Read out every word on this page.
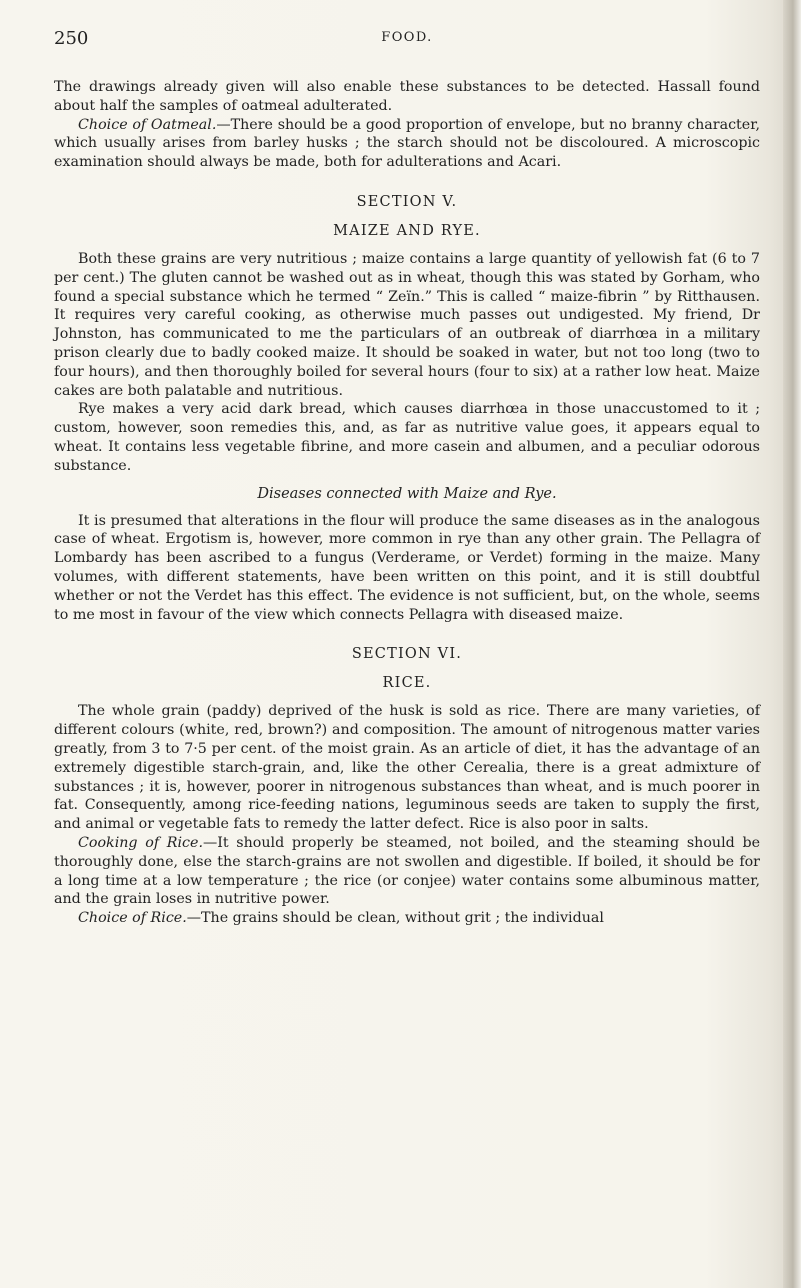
250	FOOD.

The drawings already given will also enable these substances to be detected. Hassall found about half the samples of oatmeal adulterated.

Choice of Oatmeal.—There should be a good proportion of envelope, but no branny character, which usually arises from barley husks ; the starch should not be discoloured. A microscopic examination should always be made, both for adulterations and Acari.

SECTION V.
MAIZE AND RYE.

Both these grains are very nutritious ; maize contains a large quantity of yellowish fat (6 to 7 per cent.) The gluten cannot be washed out as in wheat, though this was stated by Gorham, who found a special substance which he termed “ Zeïn.” This is called “ maize-fibrin ” by Ritthausen. It requires very careful cooking, as otherwise much passes out undigested. My friend, Dr Johnston, has communicated to me the particulars of an outbreak of diarrhœa in a military prison clearly due to badly cooked maize. It should be soaked in water, but not too long (two to four hours), and then thoroughly boiled for several hours (four to six) at a rather low heat. Maize cakes are both palatable and nutritious.

Rye makes a very acid dark bread, which causes diarrhœa in those unaccustomed to it ; custom, however, soon remedies this, and, as far as nutritive value goes, it appears equal to wheat. It contains less vegetable fibrine, and more casein and albumen, and a peculiar odorous substance.

Diseases connected with Maize and Rye.

It is presumed that alterations in the flour will produce the same diseases as in the analogous case of wheat. Ergotism is, however, more common in rye than any other grain. The Pellagra of Lombardy has been ascribed to a fungus (Verderame, or Verdet) forming in the maize. Many volumes, with different statements, have been written on this point, and it is still doubtful whether or not the Verdet has this effect. The evidence is not sufficient, but, on the whole, seems to me most in favour of the view which connects Pellagra with diseased maize.

SECTION VI.
RICE.

The whole grain (paddy) deprived of the husk is sold as rice. There are many varieties, of different colours (white, red, brown?) and composition. The amount of nitrogenous matter varies greatly, from 3 to 7·5 per cent. of the moist grain. As an article of diet, it has the advantage of an extremely digestible starch-grain, and, like the other Cerealia, there is a great admixture of substances ; it is, however, poorer in nitrogenous substances than wheat, and is much poorer in fat. Consequently, among rice-feeding nations, leguminous seeds are taken to supply the first, and animal or vegetable fats to remedy the latter defect. Rice is also poor in salts.

Cooking of Rice.—It should properly be steamed, not boiled, and the steaming should be thoroughly done, else the starch-grains are not swollen and digestible. If boiled, it should be for a long time at a low temperature ; the rice (or conjee) water contains some albuminous matter, and the grain loses in nutritive power.

Choice of Rice.—The grains should be clean, without grit ; the individual
